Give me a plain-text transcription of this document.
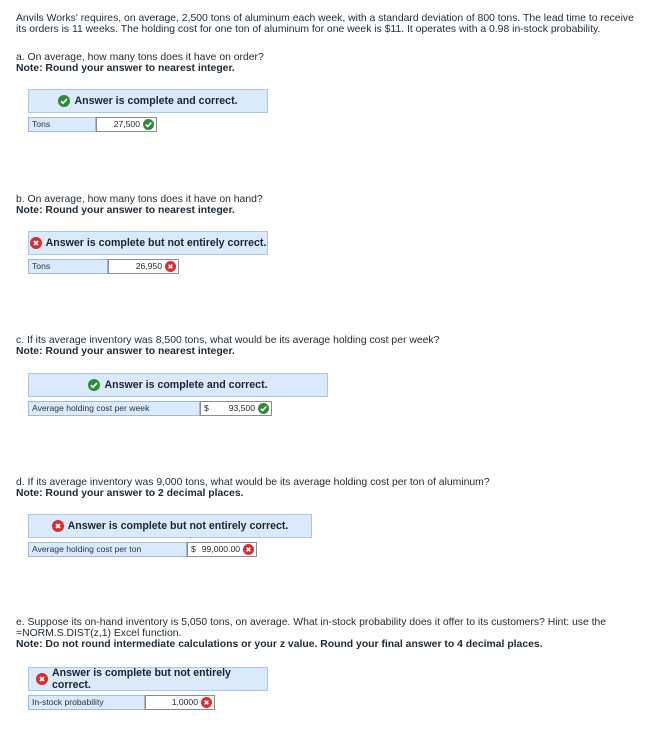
Anvils Works' requires, on average, 2,500 tons of aluminum each week, with a standard deviation of 800 tons. The lead time to receive its orders is 11 weeks. The holding cost for one ton of aluminum for one week is $11. It operates with a 0.98 in-stock probability.
a. On average, how many tons does it have on order?
Note: Round your answer to nearest integer.
Answer is complete and correct.
Tons	27,500
b. On average, how many tons does it have on hand?
Note: Round your answer to nearest integer.
Answer is complete but not entirely correct.
Tons	26,950
c. If its average inventory was 8,500 tons, what would be its average holding cost per week?
Note: Round your answer to nearest integer.
Answer is complete and correct.
Average holding cost per week	$ 93,500
d. If its average inventory was 9,000 tons, what would be its average holding cost per ton of aluminum?
Note: Round your answer to 2 decimal places.
Answer is complete but not entirely correct.
Average holding cost per ton	$ 99,000.00
e. Suppose its on-hand inventory is 5,050 tons, on average. What in-stock probability does it offer to its customers? Hint: use the =NORM.S.DIST(z,1) Excel function.
Note: Do not round intermediate calculations or your z value. Round your final answer to 4 decimal places.
Answer is complete but not entirely correct.
In-stock probability	1.0000
